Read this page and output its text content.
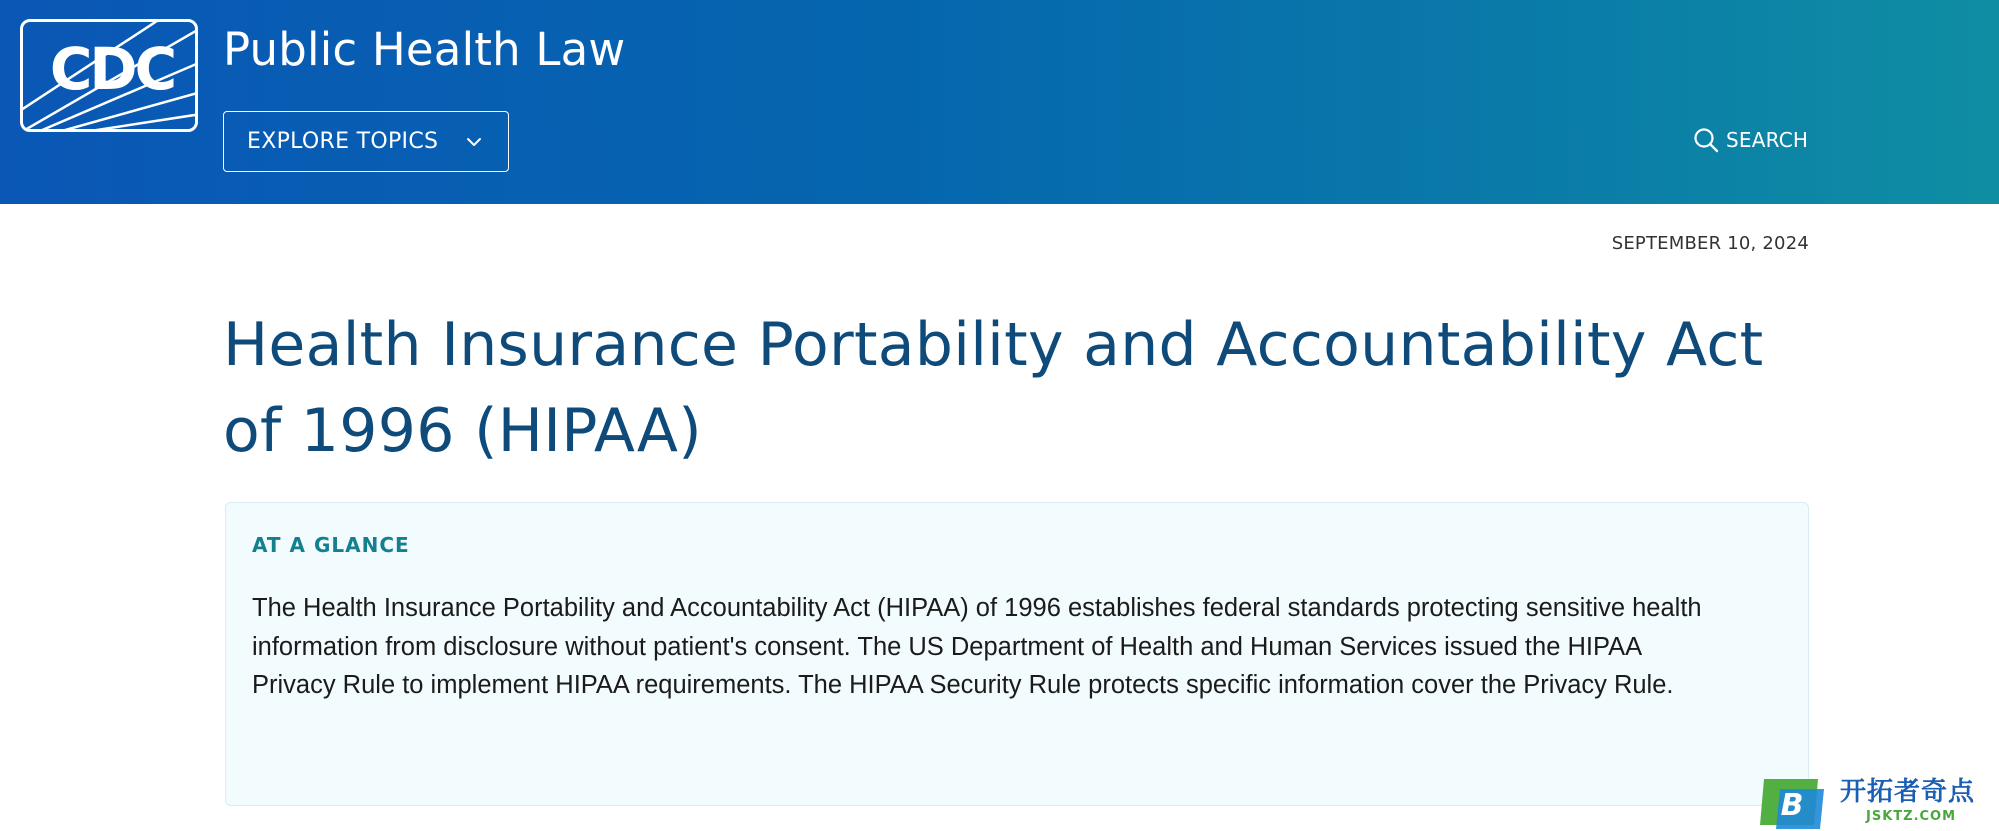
CDC	Public Health Law
EXPLORE TOPICS	SEARCH
SEPTEMBER 10, 2024
Health Insurance Portability and Accountability Act of 1996 (HIPAA)
AT A GLANCE

The Health Insurance Portability and Accountability Act (HIPAA) of 1996 establishes federal standards protecting sensitive health information from disclosure without patient's consent. The US Department of Health and Human Services issued the HIPAA Privacy Rule to implement HIPAA requirements. The HIPAA Security Rule protects specific information cover the Privacy Rule.

B 开拓者奇点
JSKTZ.COM
